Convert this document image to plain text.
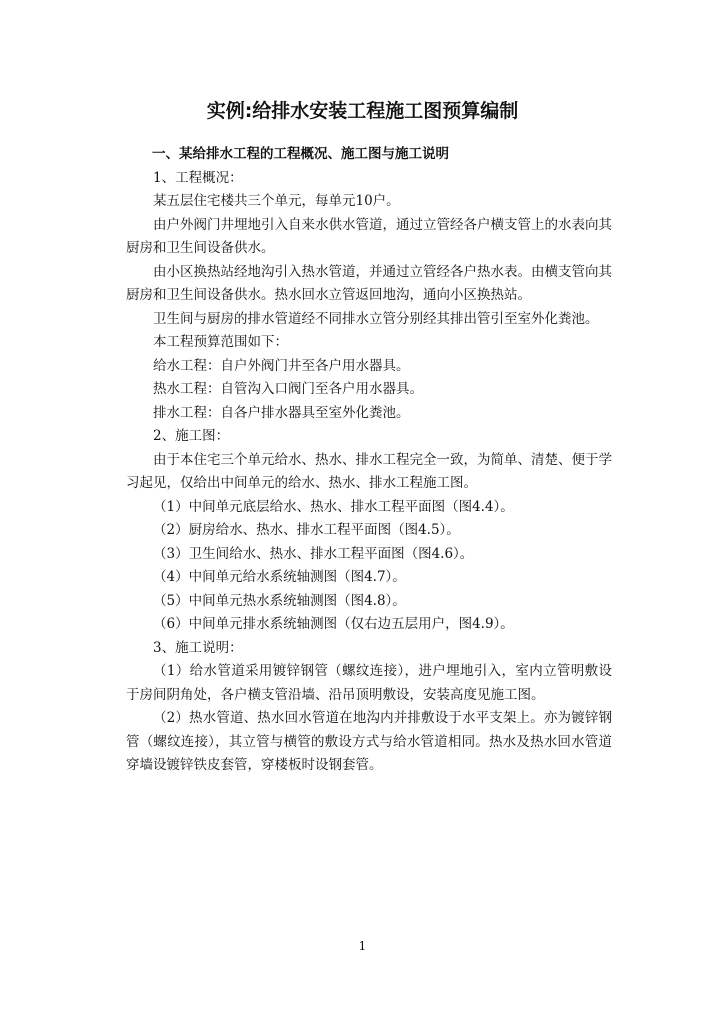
实例:给排水安装工程施工图预算编制

一、某给排水工程的工程概况、施工图与施工说明

1、工程概况：

某五层住宅楼共三个单元，每单元10户。

由户外阀门井埋地引入自来水供水管道，通过立管经各户横支管上的水表向其厨房和卫生间设备供水。

由小区换热站经地沟引入热水管道，并通过立管经各户热水表。由横支管向其厨房和卫生间设备供水。热水回水立管返回地沟，通向小区换热站。

卫生间与厨房的排水管道经不同排水立管分别经其排出管引至室外化粪池。

本工程预算范围如下：

给水工程：自户外阀门井至各户用水器具。

热水工程：自管沟入口阀门至各户用水器具。

排水工程：自各户排水器具至室外化粪池。

2、施工图：

由于本住宅三个单元给水、热水、排水工程完全一致，为简单、清楚、便于学习起见，仅给出中间单元的给水、热水、排水工程施工图。

（1）中间单元底层给水、热水、排水工程平面图（图4.4）。

（2）厨房给水、热水、排水工程平面图（图4.5）。

（3）卫生间给水、热水、排水工程平面图（图4.6）。

（4）中间单元给水系统轴测图（图4.7）。

（5）中间单元热水系统轴测图（图4.8）。

（6）中间单元排水系统轴测图（仅右边五层用户，图4.9）。

3、施工说明：

（1）给水管道采用镀锌钢管（螺纹连接），进户埋地引入，室内立管明敷设于房间阴角处，各户横支管沿墙、沿吊顶明敷设，安装高度见施工图。

（2）热水管道、热水回水管道在地沟内并排敷设于水平支架上。亦为镀锌钢管（螺纹连接），其立管与横管的敷设方式与给水管道相同。热水及热水回水管道穿墙设镀锌铁皮套管，穿楼板时设钢套管。

1
